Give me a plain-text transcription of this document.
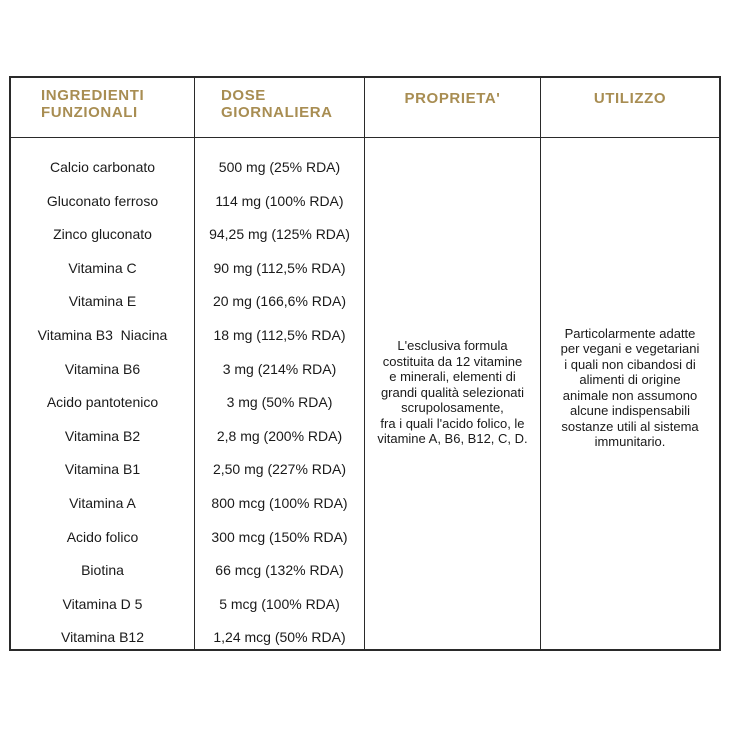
INGREDIENTI
FUNZIONALI
Calcio carbonato
Gluconato ferroso
Zinco gluconato
Vitamina C
Vitamina E
Vitamina B3  Niacina
Vitamina B6
Acido pantotenico
Vitamina B2
Vitamina B1
Vitamina A
Acido folico
Biotina
Vitamina D 5
Vitamina B12
DOSE
GIORNALIERA
500 mg (25% RDA)
114 mg (100% RDA)
94,25 mg (125% RDA)
90 mg (112,5% RDA)
20 mg (166,6% RDA)
18 mg (112,5% RDA)
3 mg (214% RDA)
3 mg (50% RDA)
2,8 mg (200% RDA)
2,50 mg (227% RDA)
800 mcg (100% RDA)
300 mcg (150% RDA)
66 mcg (132% RDA)
5 mcg (100% RDA)
1,24 mcg (50% RDA)
PROPRIETA'
L'esclusiva formula
costituita da 12 vitamine
e minerali, elementi di
grandi qualità selezionati
scrupolosamente,
fra i quali l'acido folico, le
vitamine A, B6, B12, C, D.
UTILIZZO
Particolarmente adatte
per vegani e vegetariani
i quali non cibandosi di
alimenti di origine
animale non assumono
alcune indispensabili
sostanze utili al sistema
immunitario.
